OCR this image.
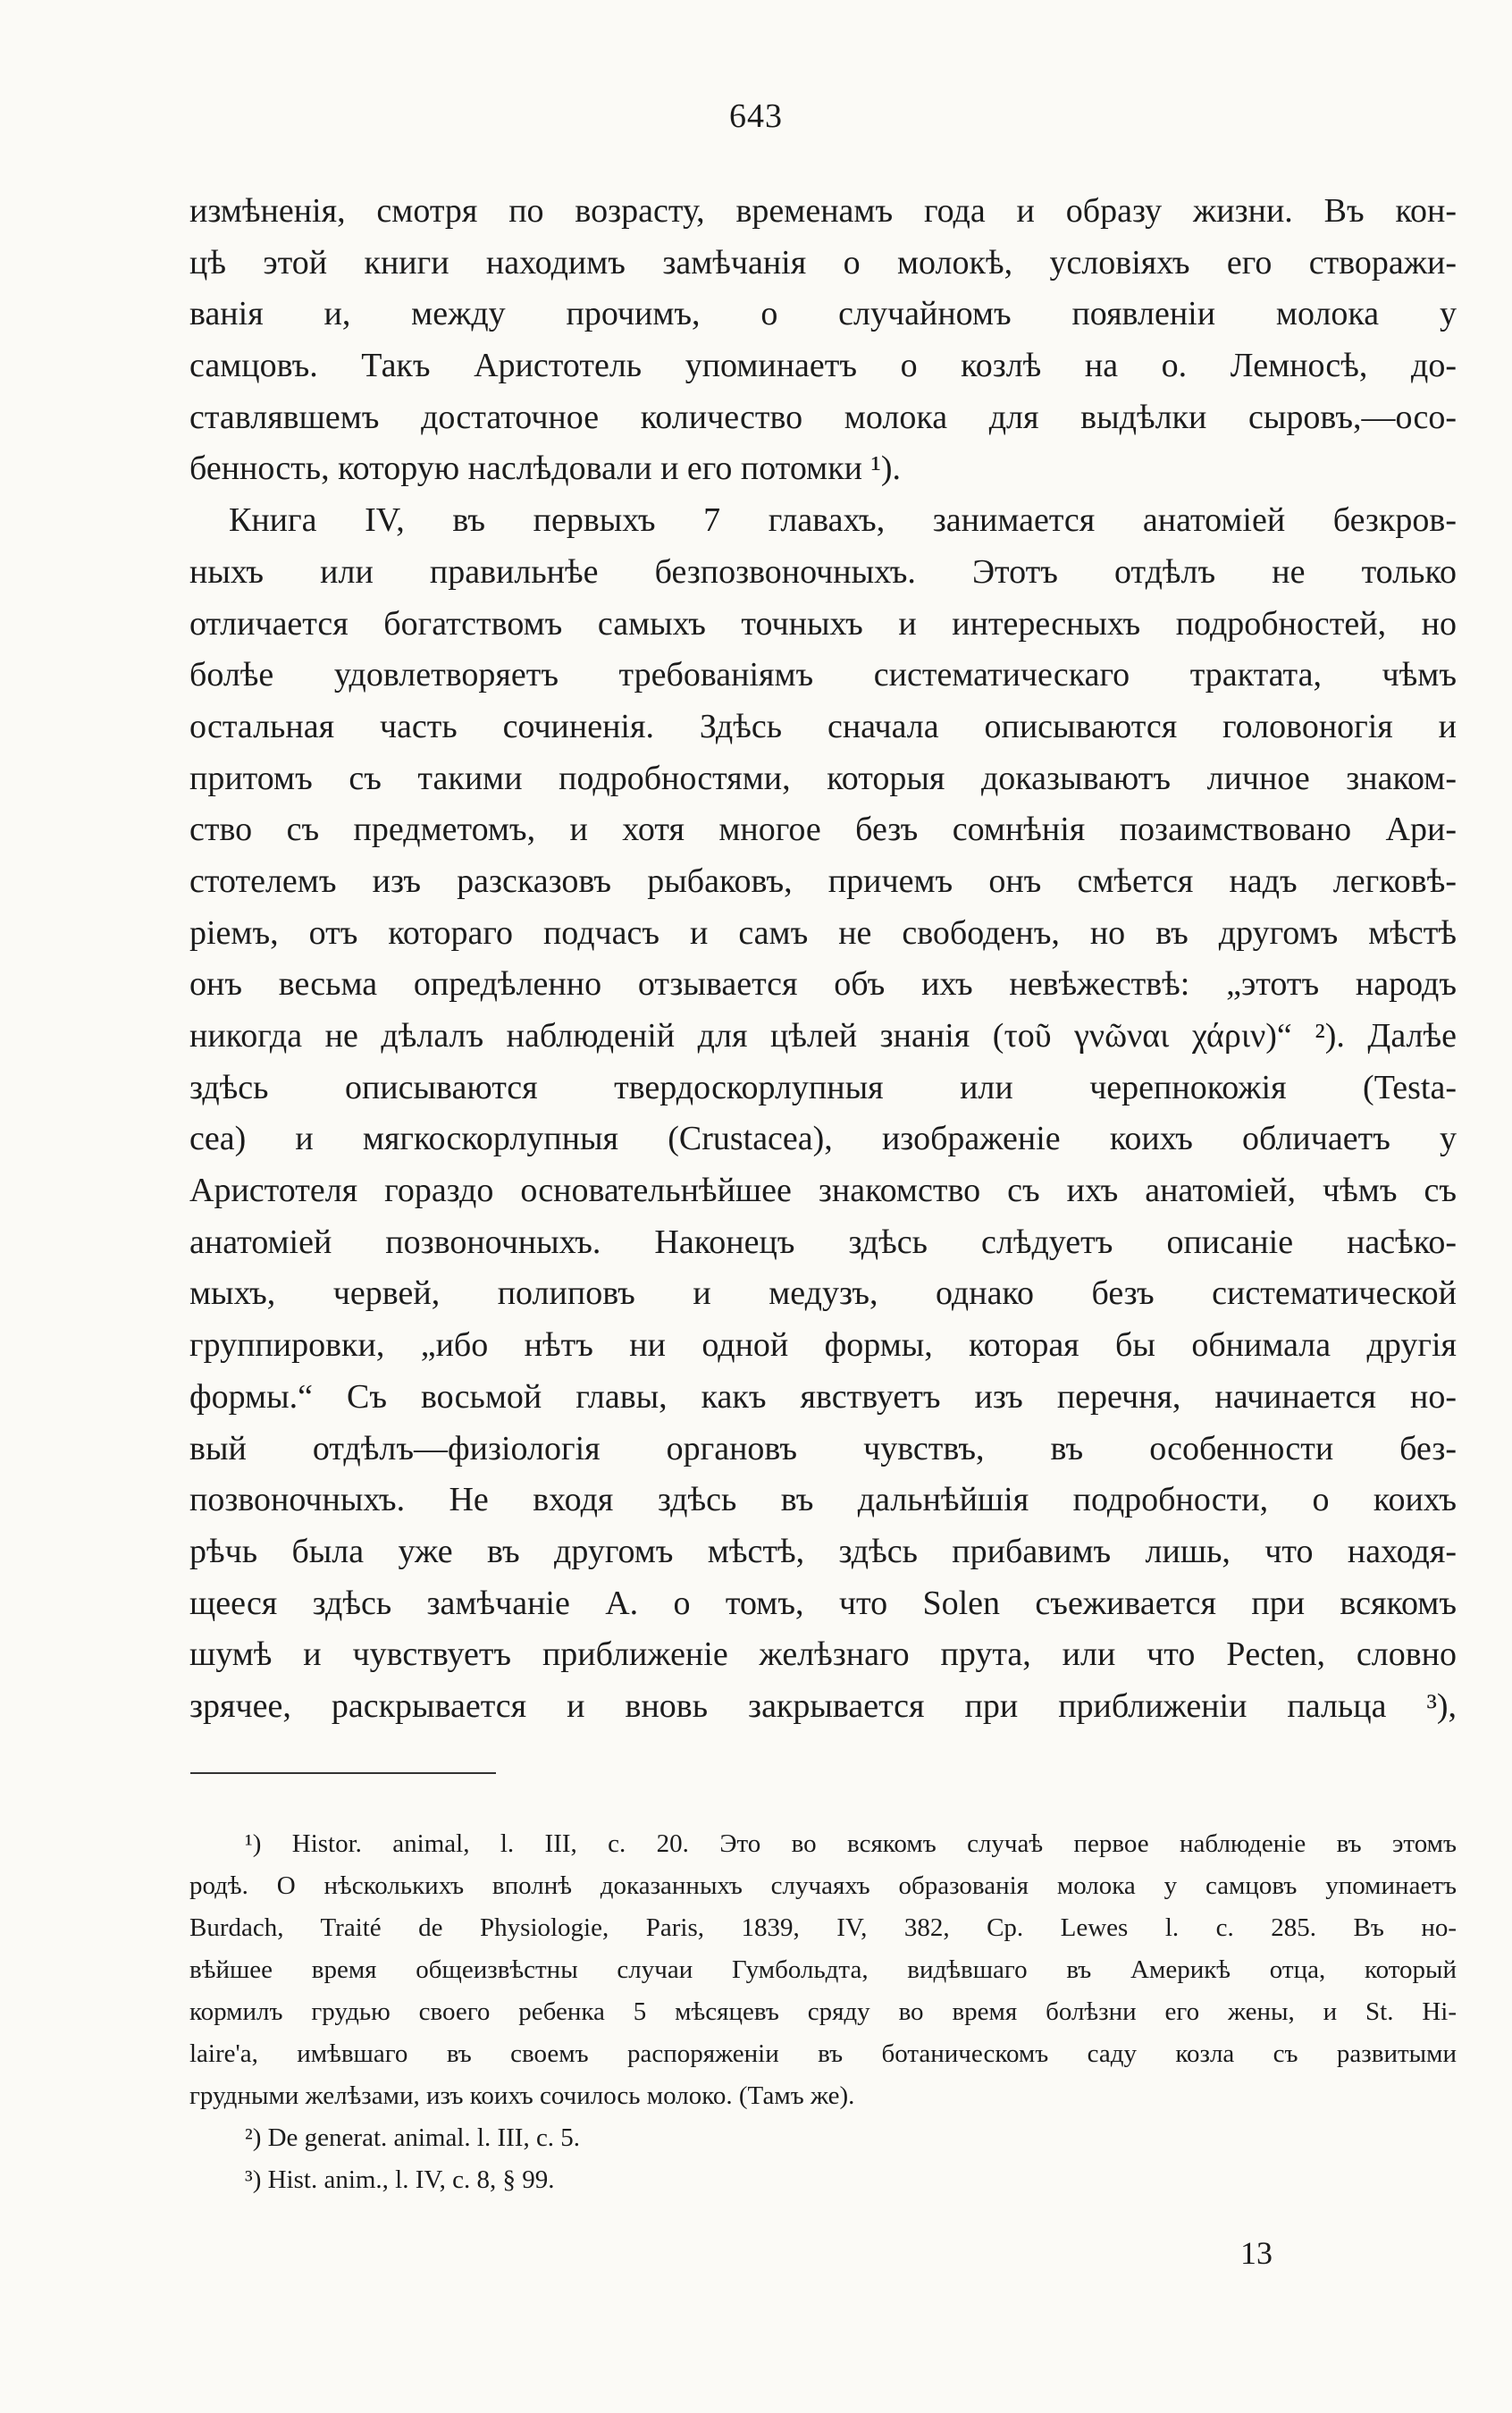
643
измѣненія, смотря по возрасту, временамъ года и образу жизни. Въ кон-
цѣ этой книги находимъ замѣчанія о молокѣ, условіяхъ его створажи-
ванія и, между прочимъ, о случайномъ появленіи молока у
самцовъ. Такъ Аристотель упоминаетъ о козлѣ на о. Лемносѣ, до-
ставлявшемъ достаточное количество молока для выдѣлки сыровъ,—осо-
бенность, которую наслѣдовали и его потомки ¹).
Книга IV, въ первыхъ 7 главахъ, занимается анатоміей безкров-
ныхъ или правильнѣе безпозвоночныхъ. Этотъ отдѣлъ не только
отличается богатствомъ самыхъ точныхъ и интересныхъ подробностей, но
болѣе удовлетворяетъ требованіямъ систематическаго трактата, чѣмъ
остальная часть сочиненія. Здѣсь сначала описываются головоногія и
притомъ съ такими подробностями, которыя доказываютъ личное знаком-
ство съ предметомъ, и хотя многое безъ сомнѣнія позаимствовано Ари-
стотелемъ изъ разсказовъ рыбаковъ, причемъ онъ смѣется надъ легковѣ-
ріемъ, отъ котораго подчасъ и самъ не свободенъ, но въ другомъ мѣстѣ
онъ весьма опредѣленно отзывается объ ихъ невѣжествѣ: „этотъ народъ
никогда не дѣлалъ наблюденій для цѣлей знанія (τοῦ γνῶναι χάριν)“ ²). Далѣе
здѣсь описываются твердоскорлупныя или черепнокожія (Testa-
cea) и мягкоскорлупныя (Crustacea), изображеніе коихъ обличаетъ у
Аристотеля гораздо основательнѣйшее знакомство съ ихъ анатоміей, чѣмъ съ
анатоміей позвоночныхъ. Наконецъ здѣсь слѣдуетъ описаніе насѣко-
мыхъ, червей, полиповъ и медузъ, однако безъ систематической
группировки, „ибо нѣтъ ни одной формы, которая бы обнимала другія
формы.“ Съ восьмой главы, какъ явствуетъ изъ перечня, начинается но-
вый отдѣлъ—физіологія органовъ чувствъ, въ особенности без-
позвоночныхъ. Не входя здѣсь въ дальнѣйшія подробности, о коихъ
рѣчь была уже въ другомъ мѣстѣ, здѣсь прибавимъ лишь, что находя-
щееся здѣсь замѣчаніе А. о томъ, что Solen съеживается при всякомъ
шумѣ и чувствуетъ приближеніе желѣзнаго прута, или что Pecten, словно
зрячее, раскрывается и вновь закрывается при приближеніи пальца ³),
¹) Histor. animal, l. III, c. 20. Это во всякомъ случаѣ первое наблюденіе въ этомъ
родѣ. О нѣсколькихъ вполнѣ доказанныхъ случаяхъ образованія молока у самцовъ упоминаетъ
Burdach, Traité de Physiologie, Paris, 1839, IV, 382, Ср. Lewes l. c. 285. Въ но-
вѣйшее время общеизвѣстны случаи Гумбольдта, видѣвшаго въ Америкѣ отца, который
кормилъ грудью своего ребенка 5 мѣсяцевъ сряду во время болѣзни его жены, и St. Hi-
laire'a, имѣвшаго въ своемъ распоряженіи въ ботаническомъ саду козла съ развитыми
грудными желѣзами, изъ коихъ сочилось молоко. (Тамъ же).
²) De generat. animal. l. III, c. 5.
³) Hist. anim., l. IV, c. 8, § 99.
13
